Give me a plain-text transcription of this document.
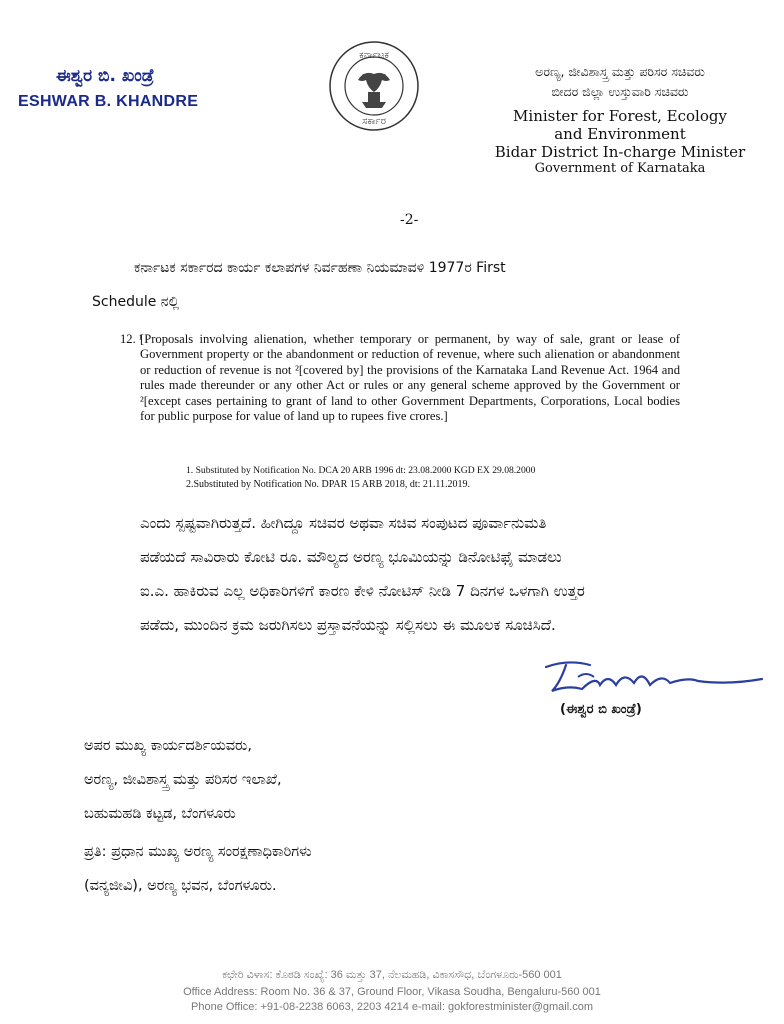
ಈಶ್ವರ ಬಿ. ಖಂಡ್ರೆ
ESHWAR B. KHANDRE
ಕರ್ನಾಟಕ
ಸರ್ಕಾರ
ಅರಣ್ಯ, ಜೀವಿಶಾಸ್ತ್ರ ಮತ್ತು ಪರಿಸರ ಸಚಿವರು
ಬೀದರ ಜಿಲ್ಲಾ ಉಸ್ತುವಾರಿ ಸಚಿವರು
Minister for Forest, Ecology
and Environment
Bidar District In-charge Minister
Government of Karnataka
-2-
ಕರ್ನಾಟಕ ಸರ್ಕಾರದ ಕಾರ್ಯ ಕಲಾಪಗಳ ನಿರ್ವಹಣಾ ನಿಯಮಾವಳಿ 1977ರ First
Schedule ನಲ್ಲಿ
12. ¹
[Proposals involving alienation, whether temporary or permanent, by way of sale, grant or lease of Government property or the abandonment or reduction of revenue, where such alienation or abandonment or reduction of revenue is not ²[covered by] the provisions of the Karnataka Land Revenue Act. 1964 and rules made thereunder or any other Act or rules or any general scheme approved by the Government or ²[except cases pertaining to grant of land to other Government Departments, Corporations, Local bodies for public purpose for value of land up to rupees five crores.]
1. Substituted by Notification No. DCA 20 ARB 1996 dt: 23.08.2000 KGD EX 29.08.2000
2.Substituted by Notification No. DPAR 15 ARB 2018, dt: 21.11.2019.
ಎಂದು ಸ್ಪಷ್ಟವಾಗಿರುತ್ತದೆ. ಹೀಗಿದ್ದೂ ಸಚಿವರ ಅಥವಾ ಸಚಿವ ಸಂಪುಟದ ಪೂರ್ವಾನುಮತಿ
ಪಡೆಯದೆ ಸಾವಿರಾರು ಕೋಟಿ ರೂ. ಮೌಲ್ಯದ ಅರಣ್ಯ ಭೂಮಿಯನ್ನು ಡಿನೋಟಿಫೈ ಮಾಡಲು
ಐ.ಎ. ಹಾಕಿರುವ ಎಲ್ಲ ಅಧಿಕಾರಿಗಳಿಗೆ ಕಾರಣ ಕೇಳಿ ನೋಟಿಸ್ ನೀಡಿ 7 ದಿನಗಳ ಒಳಗಾಗಿ ಉತ್ತರ
ಪಡೆದು, ಮುಂದಿನ ಕ್ರಮ ಜರುಗಿಸಲು ಪ್ರಸ್ತಾವನೆಯನ್ನು ಸಲ್ಲಿಸಲು ಈ ಮೂಲಕ ಸೂಚಿಸಿದೆ.
(ಈಶ್ವರ ಬಿ ಖಂಡ್ರೆ)
ಅಪರ ಮುಖ್ಯ ಕಾರ್ಯದರ್ಶಿಯವರು,
ಅರಣ್ಯ, ಜೀವಿಶಾಸ್ತ್ರ ಮತ್ತು ಪರಿಸರ ಇಲಾಖೆ,
ಬಹುಮಹಡಿ ಕಟ್ಟಡ, ಬೆಂಗಳೂರು
ಪ್ರತಿ: ಪ್ರಧಾನ ಮುಖ್ಯ ಅರಣ್ಯ ಸಂರಕ್ಷಣಾಧಿಕಾರಿಗಳು
(ವನ್ಯಜೀವಿ), ಅರಣ್ಯ ಭವನ, ಬೆಂಗಳೂರು.
ಕಛೇರಿ ವಿಳಾಸ: ಕೊಠಡಿ ಸಂಖ್ಯೆ: 36 ಮತ್ತು 37, ನೆಲಮಹಡಿ, ವಿಕಾಸಸೌಧ, ಬೆಂಗಳೂರು-560 001
Office Address: Room No. 36 & 37, Ground Floor, Vikasa Soudha, Bengaluru-560 001
Phone Office: +91-08-2238 6063, 2203 4214 e-mail: gokforestminister@gmail.com
